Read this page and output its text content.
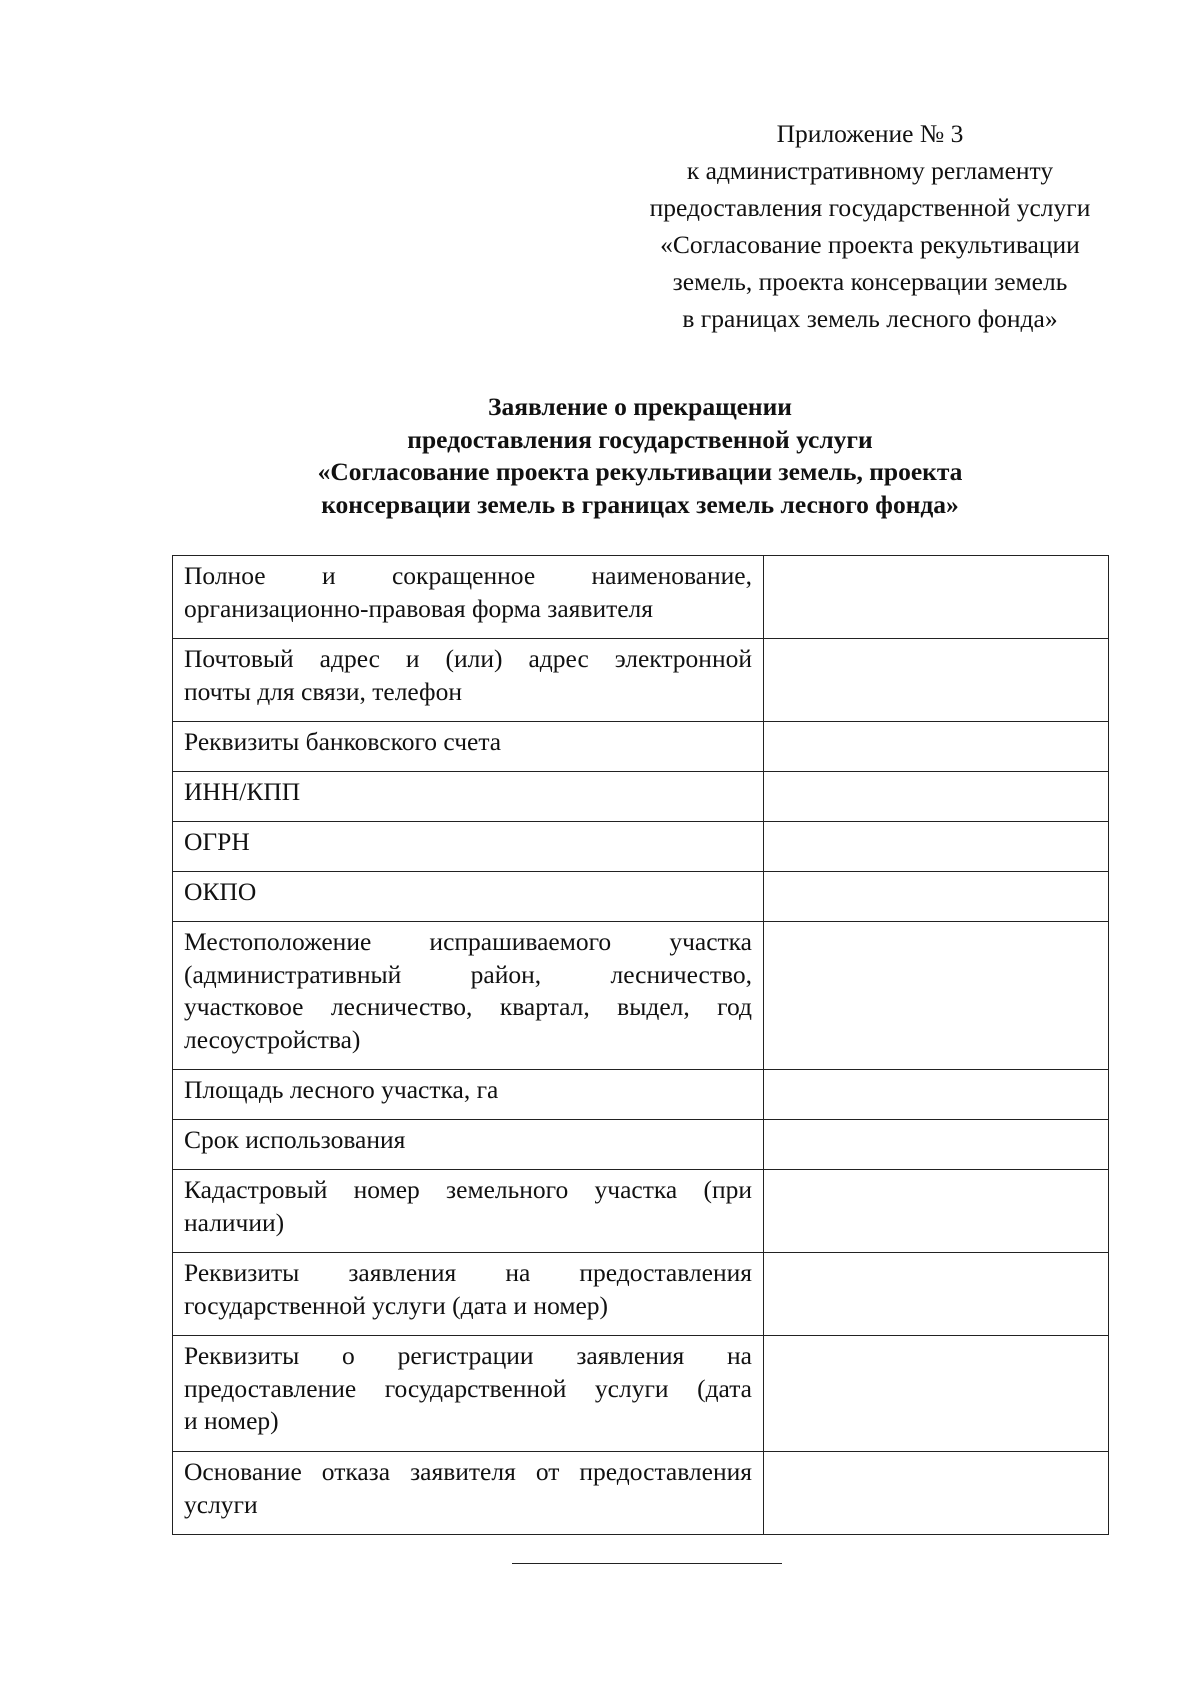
Приложение № 3
к административному регламенту
предоставления государственной услуги
«Согласование проекта рекультивации
земель, проекта консервации земель
в границах земель лесного фонда»
Заявление о прекращении
предоставления государственной услуги
«Согласование проекта рекультивации земель, проекта
консервации земель в границах земель лесного фонда»
Полное и сокращенное наименование,
организационно-правовая форма заявителя	

Почтовый адрес и (или) адрес электронной
почты для связи, телефон	

Реквизиты банковского счета	

ИНН/КПП	

ОГРН	

ОКПО	

Местоположение испрашиваемого участка
(административный район, лесничество,
участковое лесничество, квартал, выдел, год
лесоустройства)	

Площадь лесного участка, га	

Срок использования	

Кадастровый номер земельного участка (при
наличии)	

Реквизиты заявления на предоставления
государственной услуги (дата и номер)	

Реквизиты о регистрации заявления на
предоставление государственной услуги (дата
и номер)	

Основание отказа заявителя от предоставления
услуги	
